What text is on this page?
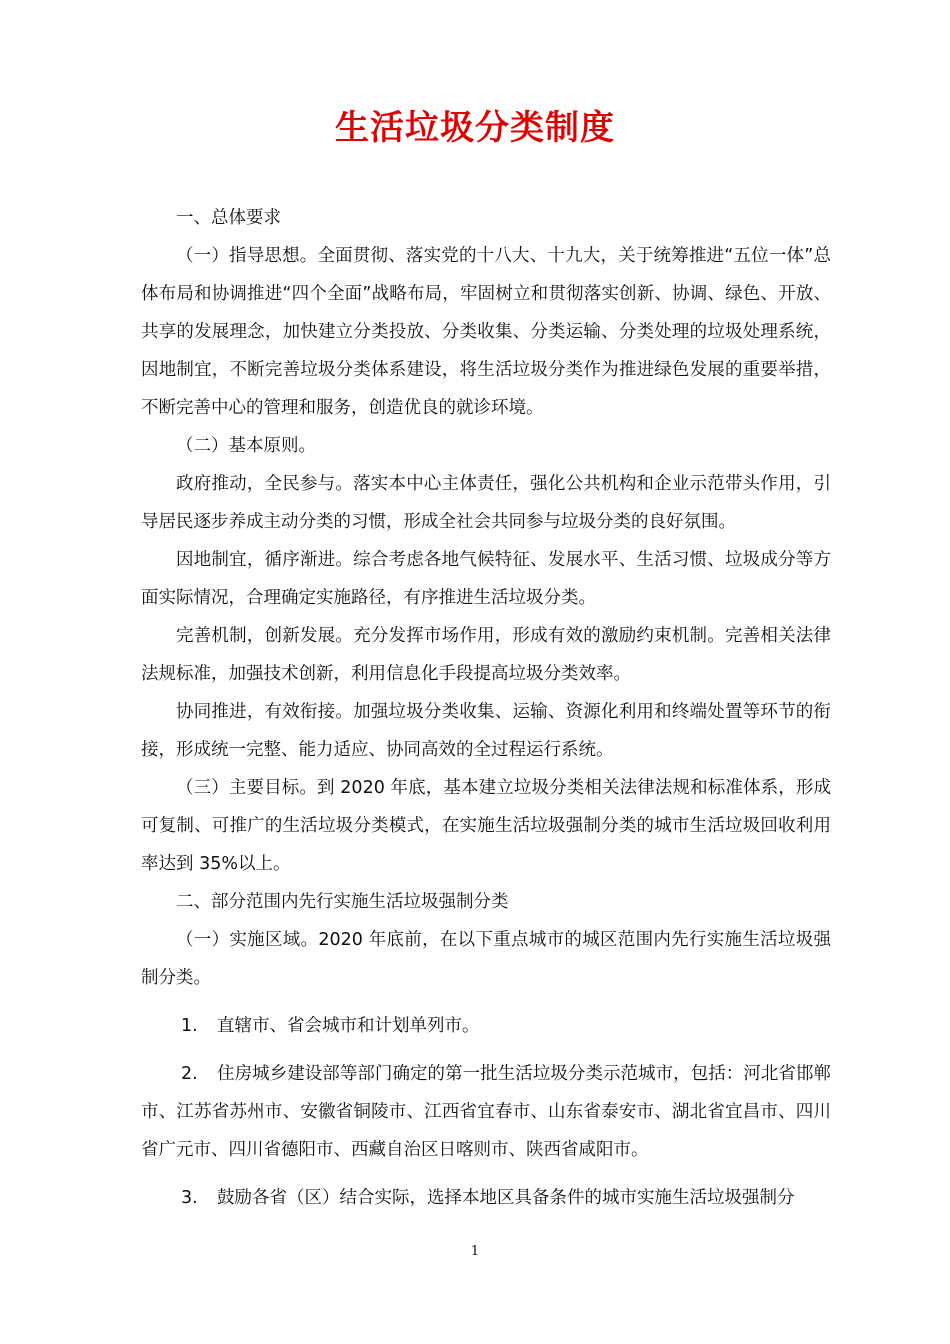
生活垃圾分类制度

一、总体要求

（一）指导思想。全面贯彻、落实党的十八大、十九大，关于统筹推进“五位一体”总体布局和协调推进“四个全面”战略布局，牢固树立和贯彻落实创新、协调、绿色、开放、共享的发展理念，加快建立分类投放、分类收集、分类运输、分类处理的垃圾处理系统，因地制宜，不断完善垃圾分类体系建设，将生活垃圾分类作为推进绿色发展的重要举措，不断完善中心的管理和服务，创造优良的就诊环境。

（二）基本原则。

政府推动，全民参与。落实本中心主体责任，强化公共机构和企业示范带头作用，引导居民逐步养成主动分类的习惯，形成全社会共同参与垃圾分类的良好氛围。

因地制宜，循序渐进。综合考虑各地气候特征、发展水平、生活习惯、垃圾成分等方面实际情况，合理确定实施路径，有序推进生活垃圾分类。

完善机制，创新发展。充分发挥市场作用，形成有效的激励约束机制。完善相关法律法规标准，加强技术创新，利用信息化手段提高垃圾分类效率。

协同推进，有效衔接。加强垃圾分类收集、运输、资源化利用和终端处置等环节的衔接，形成统一完整、能力适应、协同高效的全过程运行系统。

（三）主要目标。到 2020 年底，基本建立垃圾分类相关法律法规和标准体系，形成可复制、可推广的生活垃圾分类模式，在实施生活垃圾强制分类的城市生活垃圾回收利用率达到 35%以上。

二、部分范围内先行实施生活垃圾强制分类

（一）实施区域。2020 年底前，在以下重点城市的城区范围内先行实施生活垃圾强制分类。

1. 直辖市、省会城市和计划单列市。

2. 住房城乡建设部等部门确定的第一批生活垃圾分类示范城市，包括：河北省邯郸市、江苏省苏州市、安徽省铜陵市、江西省宜春市、山东省泰安市、湖北省宜昌市、四川省广元市、四川省德阳市、西藏自治区日喀则市、陕西省咸阳市。

3. 鼓励各省（区）结合实际，选择本地区具备条件的城市实施生活垃圾强制分

1
